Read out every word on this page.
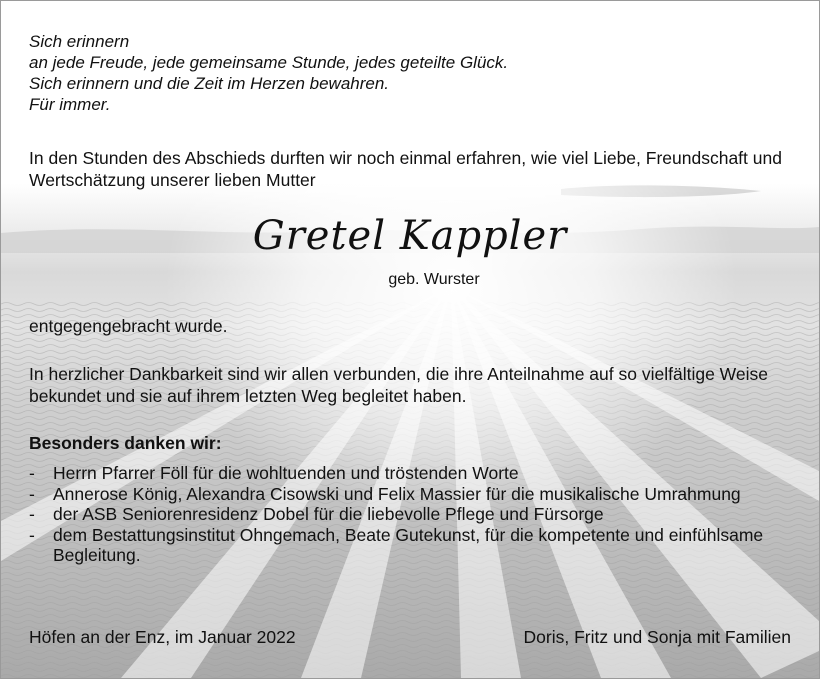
Sich erinnern
an jede Freude, jede gemeinsame Stunde, jedes geteilte Glück.
Sich erinnern und die Zeit im Herzen bewahren.
Für immer.

In den Stunden des Abschieds durften wir noch einmal erfahren, wie viel Liebe, Freundschaft und Wertschätzung unserer lieben Mutter

Gretel Kappler
geb. Wurster

entgegengebracht wurde.

In herzlicher Dankbarkeit sind wir allen verbunden, die ihre Anteilnahme auf so vielfältige Weise bekundet und sie auf ihrem letzten Weg begleitet haben.

Besonders danken wir:
- Herrn Pfarrer Föll für die wohltuenden und tröstenden Worte
- Annerose König, Alexandra Cisowski und Felix Massier für die musikalische Umrahmung
- der ASB Seniorenresidenz Dobel für die liebevolle Pflege und Fürsorge
- dem Bestattungsinstitut Ohngemach, Beate Gutekunst, für die kompetente und einfühlsame Begleitung.
Höfen an der Enz, im Januar 2022	Doris, Fritz und Sonja mit Familien
